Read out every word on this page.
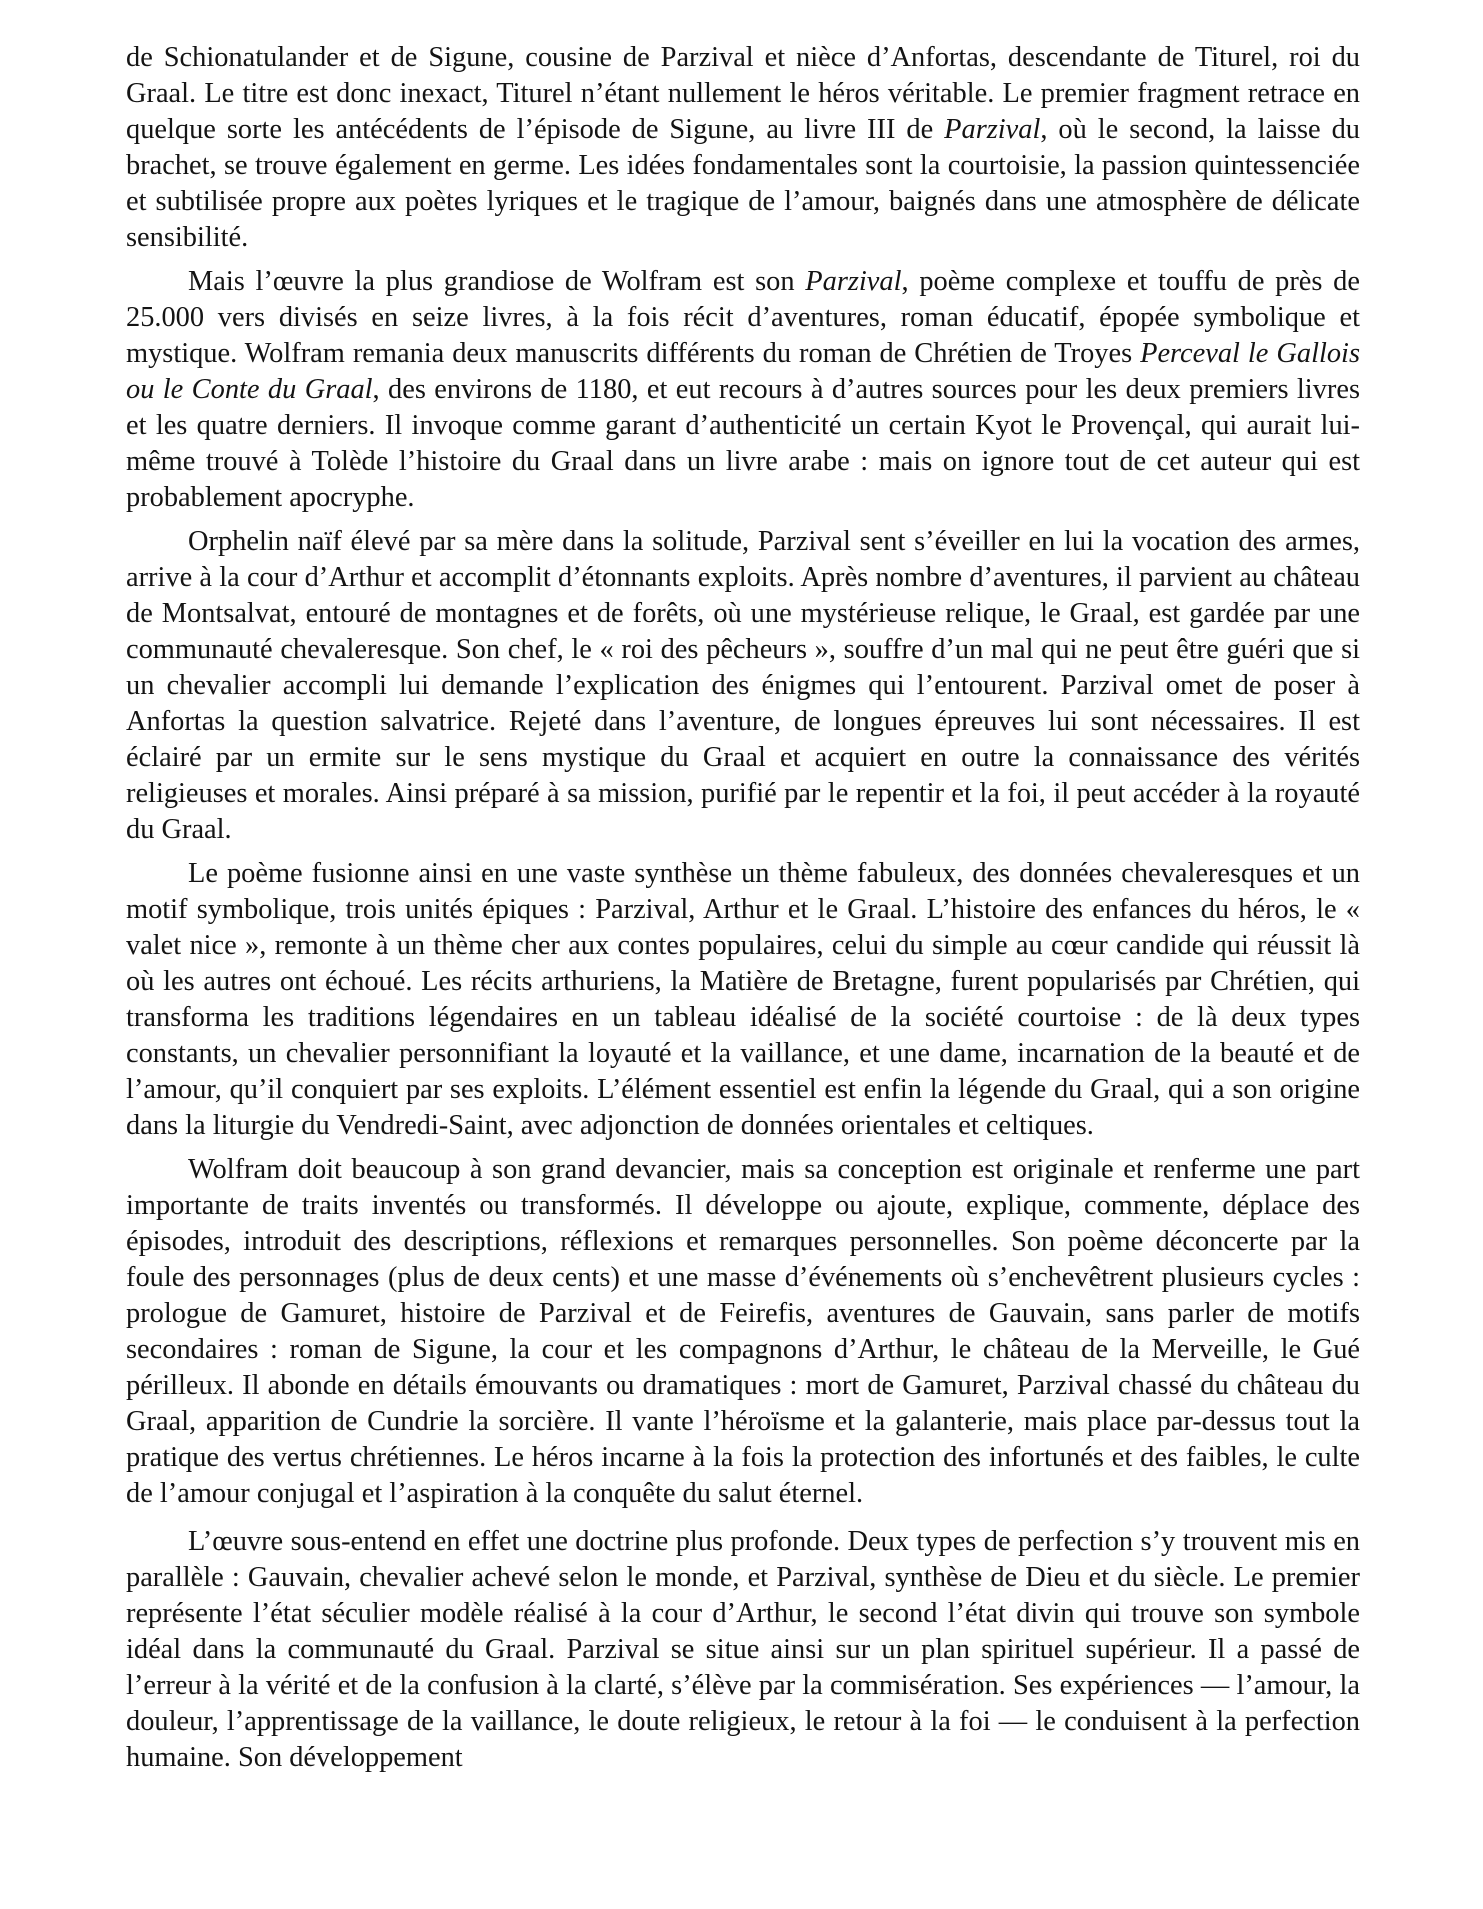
de Schionatulander et de Sigune, cousine de Parzival et nièce d’Anfortas, descendante de Titurel, roi du Graal. Le titre est donc inexact, Titurel n’étant nullement le héros véritable. Le premier fragment retrace en quelque sorte les antécédents de l’épisode de Sigune, au livre III de Parzival, où le second, la laisse du brachet, se trouve également en germe. Les idées fondamentales sont la courtoisie, la passion quintessenciée et subtilisée propre aux poètes lyriques et le tragique de l’amour, baignés dans une atmosphère de délicate sensibilité.

Mais l’œuvre la plus grandiose de Wolfram est son Parzival, poème complexe et touffu de près de 25.000 vers divisés en seize livres, à la fois récit d’aventures, roman éducatif, épopée symbolique et mystique. Wolfram remania deux manuscrits différents du roman de Chrétien de Troyes Perceval le Gallois ou le Conte du Graal, des environs de 1180, et eut recours à d’autres sources pour les deux premiers livres et les quatre derniers. Il invoque comme garant d’authenticité un certain Kyot le Provençal, qui aurait lui-même trouvé à Tolède l’histoire du Graal dans un livre arabe : mais on ignore tout de cet auteur qui est probablement apocryphe.

Orphelin naïf élevé par sa mère dans la solitude, Parzival sent s’éveiller en lui la vocation des armes, arrive à la cour d’Arthur et accomplit d’étonnants exploits. Après nombre d’aventures, il parvient au château de Montsalvat, entouré de montagnes et de forêts, où une mystérieuse relique, le Graal, est gardée par une communauté chevaleresque. Son chef, le « roi des pêcheurs », souffre d’un mal qui ne peut être guéri que si un chevalier accompli lui demande l’explication des énigmes qui l’entourent. Parzival omet de poser à Anfortas la question salvatrice. Rejeté dans l’aventure, de longues épreuves lui sont nécessaires. Il est éclairé par un ermite sur le sens mystique du Graal et acquiert en outre la connaissance des vérités religieuses et morales. Ainsi préparé à sa mission, purifié par le repentir et la foi, il peut accéder à la royauté du Graal.

Le poème fusionne ainsi en une vaste synthèse un thème fabuleux, des données chevaleresques et un motif symbolique, trois unités épiques : Parzival, Arthur et le Graal. L’histoire des enfances du héros, le « valet nice », remonte à un thème cher aux contes populaires, celui du simple au cœur candide qui réussit là où les autres ont échoué. Les récits arthuriens, la Matière de Bretagne, furent popularisés par Chrétien, qui transforma les traditions légendaires en un tableau idéalisé de la société courtoise : de là deux types constants, un chevalier personnifiant la loyauté et la vaillance, et une dame, incarnation de la beauté et de l’amour, qu’il conquiert par ses exploits. L’élément essentiel est enfin la légende du Graal, qui a son origine dans la liturgie du Vendredi-Saint, avec adjonction de données orientales et celtiques.

Wolfram doit beaucoup à son grand devancier, mais sa conception est originale et renferme une part importante de traits inventés ou transformés. Il développe ou ajoute, explique, commente, déplace des épisodes, introduit des descriptions, réflexions et remarques personnelles. Son poème déconcerte par la foule des personnages (plus de deux cents) et une masse d’événements où s’enchevêtrent plusieurs cycles : prologue de Gamuret, histoire de Parzival et de Feirefis, aventures de Gauvain, sans parler de motifs secondaires : roman de Sigune, la cour et les compagnons d’Arthur, le château de la Merveille, le Gué périlleux. Il abonde en détails émouvants ou dramatiques : mort de Gamuret, Parzival chassé du château du Graal, apparition de Cundrie la sorcière. Il vante l’héroïsme et la galanterie, mais place par-dessus tout la pratique des vertus chrétiennes. Le héros incarne à la fois la protection des infortunés et des faibles, le culte de l’amour conjugal et l’aspiration à la conquête du salut éternel.

L’œuvre sous-entend en effet une doctrine plus profonde. Deux types de perfection s’y trouvent mis en parallèle : Gauvain, chevalier achevé selon le monde, et Parzival, synthèse de Dieu et du siècle. Le premier représente l’état séculier modèle réalisé à la cour d’Arthur, le second l’état divin qui trouve son symbole idéal dans la communauté du Graal. Parzival se situe ainsi sur un plan spirituel supérieur. Il a passé de l’erreur à la vérité et de la confusion à la clarté, s’élève par la commisération. Ses expériences — l’amour, la douleur, l’apprentissage de la vaillance, le doute religieux, le retour à la foi — le conduisent à la perfection humaine. Son développement
